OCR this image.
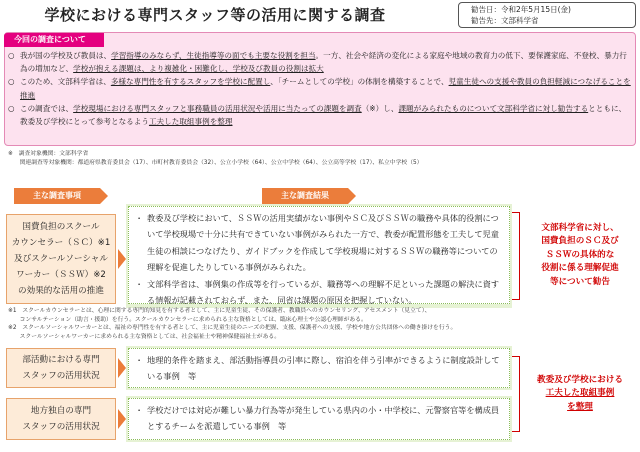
学校における専門スタッフ等の活用に関する調査	勧告日：令和2年5月15日(金)
勧告先：文部科学省
今回の調査について
○ 我が国の学校及び教員は、学習指導のみならず、生徒指導等の面でも主要な役割を担当。一方、社会や経済の変化による家庭や地域の教育力の低下、要保護家庭、不登校、暴力行為の増加など、学校が抱える課題は、より複雑化・困難化し、学校及び教員の役割は拡大
○ このため、文部科学省は、多様な専門性を有するスタッフを学校に配置し、「チームとしての学校」の体制を構築することで、児童生徒への支援や教員の負担軽減につなげることを推進
○ この調査では、学校現場における専門スタッフと事務職員の活用状況や活用に当たっての課題を調査（※）し、課題がみられたものについて文部科学省に対し勧告するとともに、教委及び学校にとって参考となるよう工夫した取組事例を整理
※　 調査対象機関：文部科学省
　　関連調査等対象機関：都道府県教育委員会（17）、市町村教育委員会（32）、公立小学校（64）、公立中学校（64）、公立高等学校（17）、私立中学校（5）
主な調査事項	主な調査結果
国費負担のスクール
カウンセラー（ＳＣ）※1
及びスクールソーシャル
ワーカー（ＳＳＷ）※2
の効果的な活用の推進
・ 教委及び学校において、ＳＳＷの活用実績がない事例やＳＣ及びＳＳＷの職務や具体的役割について学校現場で十分に共有できていない事例がみられた一方で、教委が配置形態を工夫して児童生徒の相談につなげたり、ガイドブックを作成して学校現場に対するＳＳＷの職務等についての理解を促進したりしている事例がみられた。
・ 文部科学省は、事例集の作成等を行っているが、職務等への理解不足といった課題の解決に資する情報が記載されておらず、また、同省は課題の原因を把握していない。
文部科学省に対し、
国費負担のＳＣ及び
ＳＳＷの具体的な
役割に係る理解促進
等について勧告
※1　スクールカウンセラーとは、心理に関する専門的知見を有する者として、主に児童生徒、その保護者、教職員へのカウンセリング、アセスメント（見立て）、
　　コンサルテーション（助言・援助）を行う。スクールカウンセラーに求められる主な資格としては、臨床心理士や公認心理師がある。
※2　スクールソーシャルワーカーとは、福祉の専門性を有する者として、主に児童生徒のニーズの把握、支援、保護者への支援、学校や地方公共団体への働き掛けを行う。
　　スクールソーシャルワーカーに求められる主な資格としては、社会福祉士や精神保健福祉士がある。
部活動における専門
スタッフの活用状況
・ 地理的条件を踏まえ、部活動指導員の引率に際し、宿泊を伴う引率ができるように制度設計している事例　等
地方独自の専門
スタッフの活用状況
・ 学校だけでは対応が難しい暴力行為等が発生している県内の小・中学校に、元警察官等を構成員とするチームを派遣している事例　等
教委及び学校における
工夫した取組事例
を整理
